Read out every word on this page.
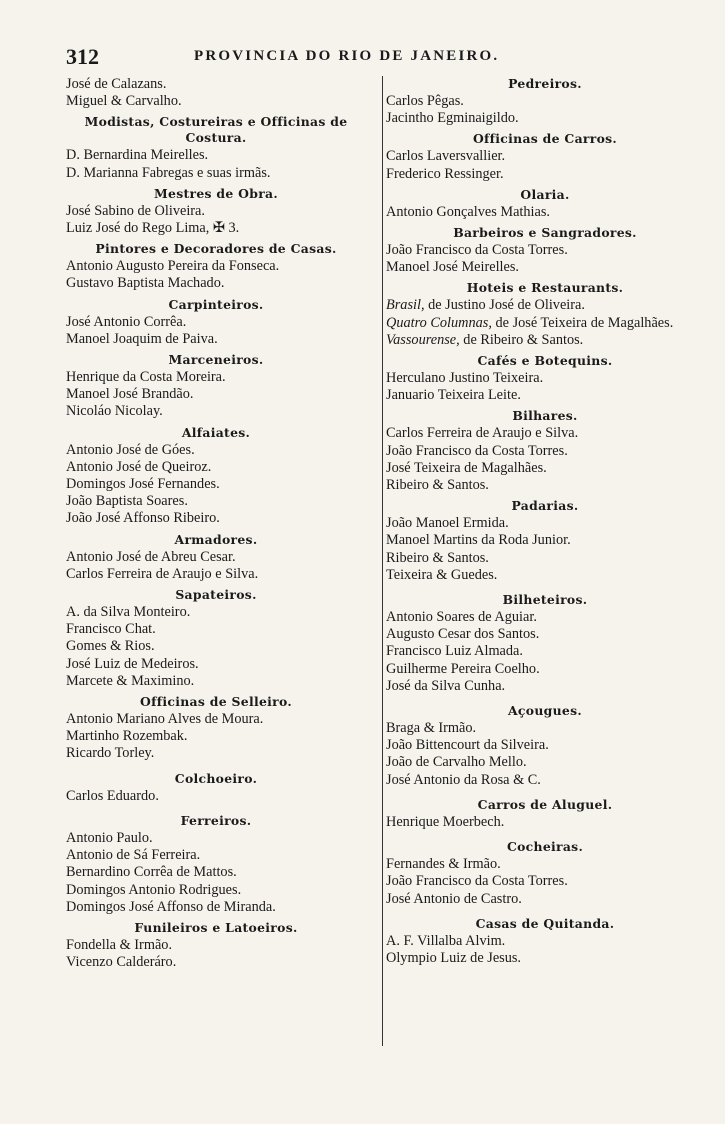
312	PROVINCIA DO RIO DE JANEIRO.
José de Calazans.
Miguel & Carvalho.
Modistas, Costureiras e Officinas de Costura.
D. Bernardina Meirelles.
D. Marianna Fabregas e suas irmãs.
Mestres de Obra.
José Sabino de Oliveira.
Luiz José do Rego Lima, ✠ 3.
Pintores e Decoradores de Casas.
Antonio Augusto Pereira da Fonseca.
Gustavo Baptista Machado.
Carpinteiros.
José Antonio Corrêa.
Manoel Joaquim de Paiva.
Marceneiros.
Henrique da Costa Moreira.
Manoel José Brandão.
Nicoláo Nicolay.
Alfaiates.
Antonio José de Góes.
Antonio José de Queiroz.
Domingos José Fernandes.
João Baptista Soares.
João José Affonso Ribeiro.
Armadores.
Antonio José de Abreu Cesar.
Carlos Ferreira de Araujo e Silva.
Sapateiros.
A. da Silva Monteiro.
Francisco Chat.
Gomes & Rios.
José Luiz de Medeiros.
Marcete & Maximino.
Officinas de Selleiro.
Antonio Mariano Alves de Moura.
Martinho Rozembak.
Ricardo Torley.
Colchoeiro.
Carlos Eduardo.
Ferreiros.
Antonio Paulo.
Antonio de Sá Ferreira.
Bernardino Corrêa de Mattos.
Domingos Antonio Rodrigues.
Domingos José Affonso de Miranda.
Funileiros e Latoeiros.
Fondella & Irmão.
Vicenzo Calderáro.
Pedreiros.
Carlos Pêgas.
Jacintho Egminaigildo.
Officinas de Carros.
Carlos Laversvallier.
Frederico Ressinger.
Olaria.
Antonio Gonçalves Mathias.
Barbeiros e Sangradores.
João Francisco da Costa Torres.
Manoel José Meirelles.
Hoteis e Restaurants.
Brasil, de Justino José de Oliveira.
Quatro Columnas, de José Teixeira de Magalhães.
Vassourense, de Ribeiro & Santos.
Cafés e Botequins.
Herculano Justino Teixeira.
Januario Teixeira Leite.
Bilhares.
Carlos Ferreira de Araujo e Silva.
João Francisco da Costa Torres.
José Teixeira de Magalhães.
Ribeiro & Santos.
Padarias.
João Manoel Ermida.
Manoel Martins da Roda Junior.
Ribeiro & Santos.
Teixeira & Guedes.
Bilheteiros.
Antonio Soares de Aguiar.
Augusto Cesar dos Santos.
Francisco Luiz Almada.
Guilherme Pereira Coelho.
José da Silva Cunha.
Açougues.
Braga & Irmão.
João Bittencourt da Silveira.
João de Carvalho Mello.
José Antonio da Rosa & C.
Carros de Aluguel.
Henrique Moerbech.
Cocheiras.
Fernandes & Irmão.
João Francisco da Costa Torres.
José Antonio de Castro.
Casas de Quitanda.
A. F. Villalba Alvim.
Olympio Luiz de Jesus.
